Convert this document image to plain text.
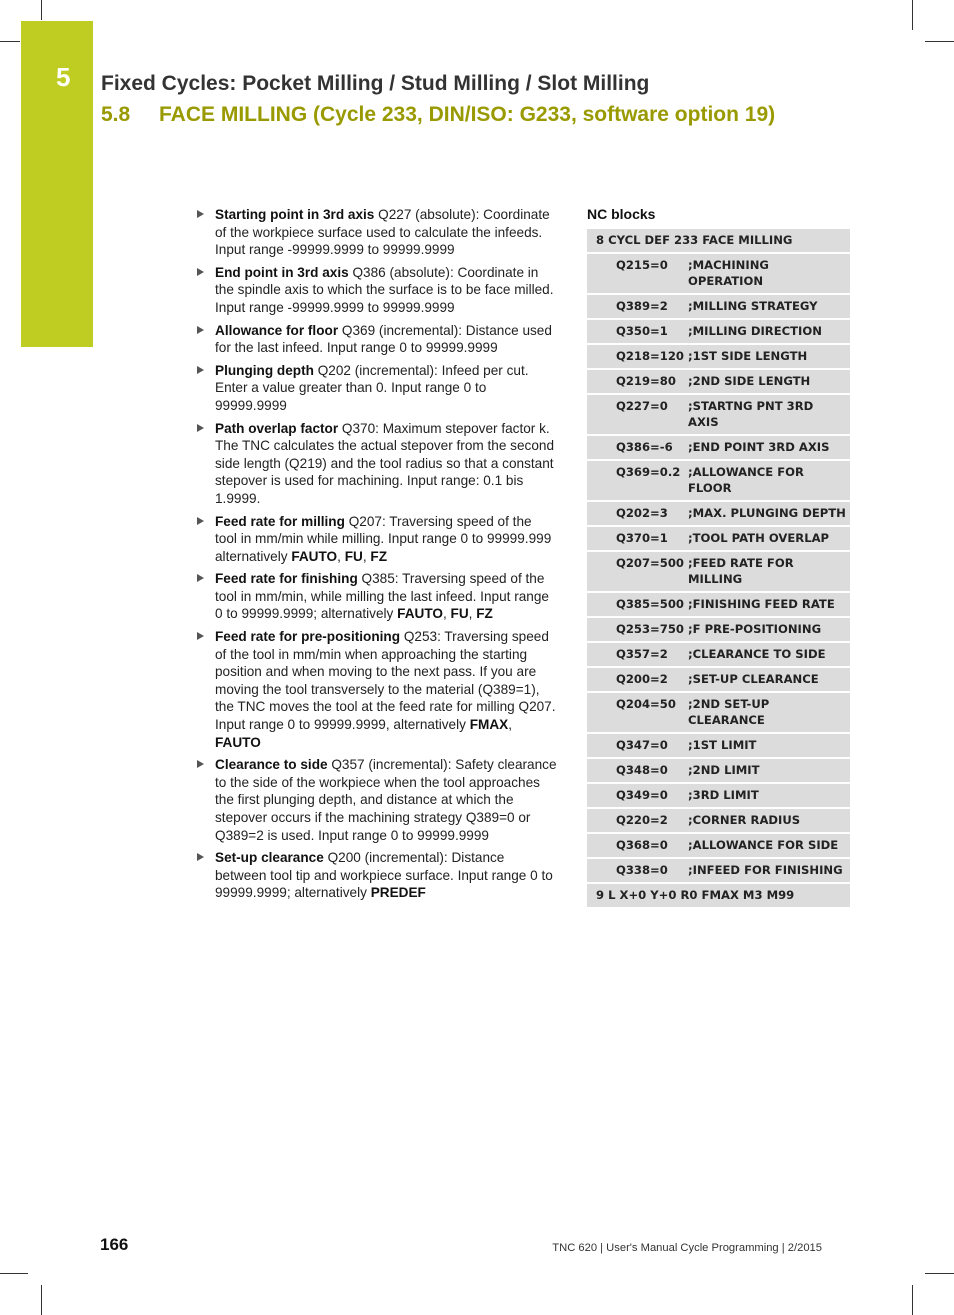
5 Fixed Cycles: Pocket Milling / Stud Milling / Slot Milling
5.8 FACE MILLING (Cycle 233, DIN/ISO: G233, software option 19)
Starting point in 3rd axis Q227 (absolute): Coordinate of the workpiece surface used to calculate the infeeds. Input range -99999.9999 to 99999.9999
End point in 3rd axis Q386 (absolute): Coordinate in the spindle axis to which the surface is to be face milled. Input range -99999.9999 to 99999.9999
Allowance for floor Q369 (incremental): Distance used for the last infeed. Input range 0 to 99999.9999
Plunging depth Q202 (incremental): Infeed per cut. Enter a value greater than 0. Input range 0 to 99999.9999
Path overlap factor Q370: Maximum stepover factor k. The TNC calculates the actual stepover from the second side length (Q219) and the tool radius so that a constant stepover is used for machining. Input range: 0.1 bis 1.9999.
Feed rate for milling Q207: Traversing speed of the tool in mm/min while milling. Input range 0 to 99999.999 alternatively FAUTO, FU, FZ
Feed rate for finishing Q385: Traversing speed of the tool in mm/min, while milling the last infeed. Input range 0 to 99999.9999; alternatively FAUTO, FU, FZ
Feed rate for pre-positioning Q253: Traversing speed of the tool in mm/min when approaching the starting position and when moving to the next pass. If you are moving the tool transversely to the material (Q389=1), the TNC moves the tool at the feed rate for milling Q207. Input range 0 to 99999.9999, alternatively FMAX, FAUTO
Clearance to side Q357 (incremental): Safety clearance to the side of the workpiece when the tool approaches the first plunging depth, and distance at which the stepover occurs if the machining strategy Q389=0 or Q389=2 is used. Input range 0 to 99999.9999
Set-up clearance Q200 (incremental): Distance between tool tip and workpiece surface. Input range 0 to 99999.9999; alternatively PREDEF
NC blocks
8 CYCL DEF 233 FACE MILLING	
Q215=0	;MACHINING OPERATION
Q389=2	;MILLING STRATEGY
Q350=1	;MILLING DIRECTION
Q218=120	;1ST SIDE LENGTH
Q219=80	;2ND SIDE LENGTH
Q227=0	;STARTNG PNT 3RD AXIS
Q386=-6	;END POINT 3RD AXIS
Q369=0.2	;ALLOWANCE FOR FLOOR
Q202=3	;MAX. PLUNGING DEPTH
Q370=1	;TOOL PATH OVERLAP
Q207=500	;FEED RATE FOR MILLING
Q385=500	;FINISHING FEED RATE
Q253=750	;F PRE-POSITIONING
Q357=2	;CLEARANCE TO SIDE
Q200=2	;SET-UP CLEARANCE
Q204=50	;2ND SET-UP CLEARANCE
Q347=0	;1ST LIMIT
Q348=0	;2ND LIMIT
Q349=0	;3RD LIMIT
Q220=2	;CORNER RADIUS
Q368=0	;ALLOWANCE FOR SIDE
Q338=0	;INFEED FOR FINISHING
9 L X+0 Y+0 R0 FMAX M3 M99	
166	TNC 620 | User's Manual Cycle Programming | 2/2015
